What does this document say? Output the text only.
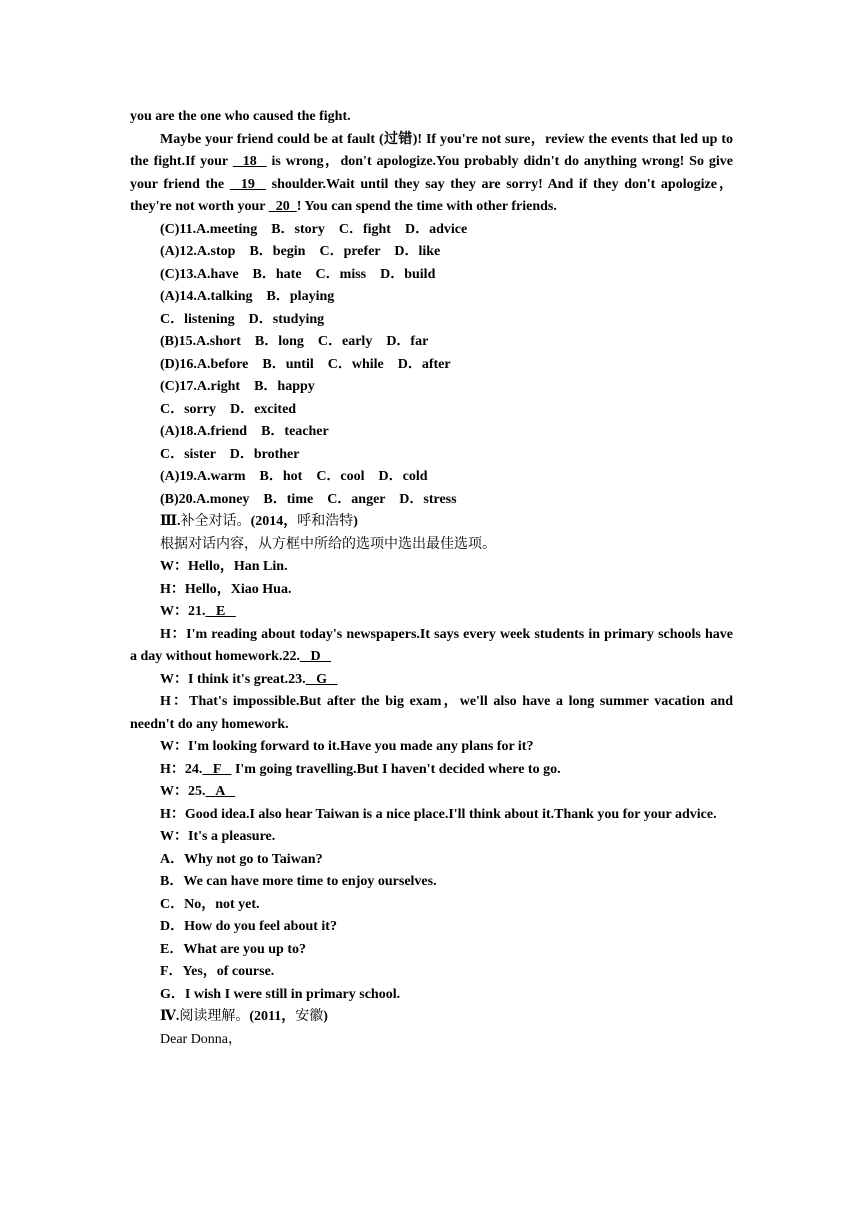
you are the one who caused the fight.
Maybe your friend could be at fault (过错)! If you're not sure，review the events that led up to the fight.If your   18   is wrong，don't apologize.You probably didn't do anything wrong! So give your friend the   19   shoulder.Wait until they say they are sorry! And if they don't apologize，they're not worth your   20 ! You can spend the time with other friends.
(C)11.A.meeting　B．story　C．fight　D．advice
(A)12.A.stop　B．begin　C．prefer　D．like
(C)13.A.have　B．hate　C．miss　D．build
(A)14.A.talking　B．playing
C．listening　D．studying
(B)15.A.short　B．long　C．early　D．far
(D)16.A.before　B．until　C．while　D．after
(C)17.A.right　B．happy
C．sorry　D．excited
(A)18.A.friend　B．teacher
C．sister　D．brother
(A)19.A.warm　B．hot　C．cool　D．cold
(B)20.A.money　B．time　C．anger　D．stress
Ⅲ.补全对话。(2014，呼和浩特)
根据对话内容，从方框中所给的选项中选出最佳选项。
W：Hello，Han Lin.
H：Hello，Xiao Hua.
W：21. E
H：I'm reading about today's newspapers.It says every week students in primary schools have a day without homework.22. D
W：I think it's great.23. G
H：That's impossible.But after the big exam，we'll also have a long summer vacation and needn't do any homework.
W：I'm looking forward to it.Have you made any plans for it?
H：24. F    I'm going travelling.But I haven't decided where to go.
W：25. A
H：Good idea.I also hear Taiwan is a nice place.I'll think about it.Thank you for your advice.
W：It's a pleasure.
A．Why not go to Taiwan?
B．We can have more time to enjoy ourselves.
C．No，not yet.
D．How do you feel about it?
E．What are you up to?
F．Yes，of course.
G．I wish I were still in primary school.
Ⅳ.阅读理解。(2011，安徽)
Dear Donna，
